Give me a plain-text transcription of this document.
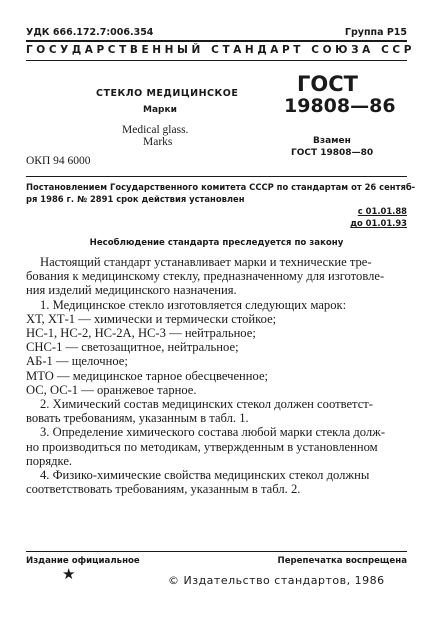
УДК 666.172.7:006.354	Группа Р15
ГОСУДАРСТВЕННЫЙ СТАНДАРТ СОЮЗА ССР
СТЕКЛО МЕДИЦИНСКОЕ
Марки
Medical glass.
Marks
ГОСТ
19808—86
Взамен
ГОСТ 19808—80
ОКП 94 6000
Постановлением Государственного комитета СССР по стандартам от 26 сентяб-
ря 1986 г. № 2891 срок действия установлен
с 01.01.88
до 01.01.93
Несоблюдение стандарта преследуется по закону
Настоящий стандарт устанавливает марки и технические тре-
бования к медицинскому стеклу, предназначенному для изготовле-
ния изделий медицинского назначения.
1. Медицинское стекло изготовляется следующих марок:
ХТ, ХТ-1 — химически и термически стойкое;
НС-1, НС-2, НС-2А, НС-3 — нейтральное;
СНС-1 — светозащитное, нейтральное;
АБ-1 — щелочное;
МТО — медицинское тарное обесцвеченное;
ОС, ОС-1 — оранжевое тарное.
2. Химический состав медицинских стекол должен соответст-
вовать требованиям, указанным в табл. 1.
3. Определение химического состава любой марки стекла долж-
но производиться по методикам, утвержденным в установленном
порядке.
4. Физико-химические свойства медицинских стекол должны
соответствовать требованиям, указанным в табл. 2.
Издание официальное	Перепечатка воспрещена
★	© Издательство стандартов, 1986
